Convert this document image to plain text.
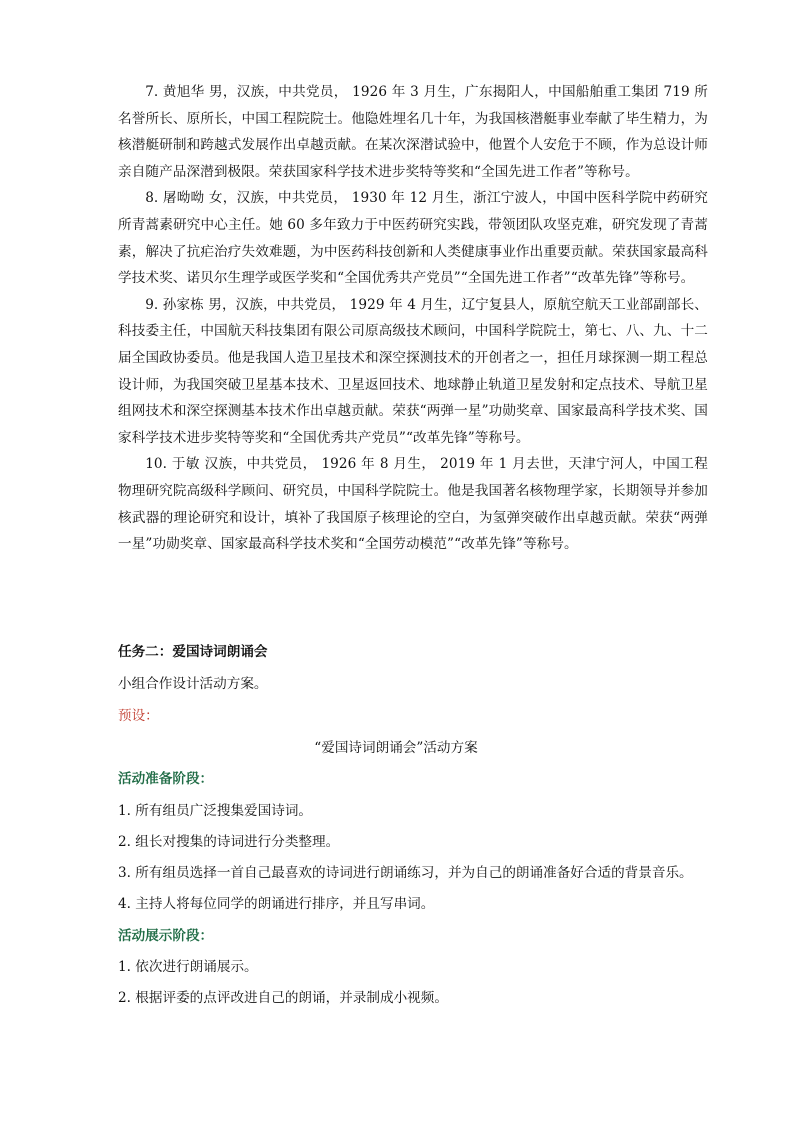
7. 黄旭华 男，汉族，中共党员， 1926 年 3 月生，广东揭阳人，中国船舶重工集团 719 所名誉所长、原所长，中国工程院院士。他隐姓埋名几十年，为我国核潜艇事业奉献了毕生精力，为核潜艇研制和跨越式发展作出卓越贡献。在某次深潜试验中，他置个人安危于不顾，作为总设计师亲自随产品深潜到极限。荣获国家科学技术进步奖特等奖和“全国先进工作者”等称号。

8. 屠呦呦 女，汉族，中共党员， 1930 年 12 月生，浙江宁波人，中国中医科学院中药研究所青蒿素研究中心主任。她 60 多年致力于中医药研究实践，带领团队攻坚克难，研究发现了青蒿素，解决了抗疟治疗失效难题，为中医药科技创新和人类健康事业作出重要贡献。荣获国家最高科学技术奖、诺贝尔生理学或医学奖和“全国优秀共产党员”“全国先进工作者”“改革先锋”等称号。

9. 孙家栋 男，汉族，中共党员， 1929 年 4 月生，辽宁复县人，原航空航天工业部副部长、科技委主任，中国航天科技集团有限公司原高级技术顾问，中国科学院院士，第七、八、九、十二届全国政协委员。他是我国人造卫星技术和深空探测技术的开创者之一，担任月球探测一期工程总设计师，为我国突破卫星基本技术、卫星返回技术、地球静止轨道卫星发射和定点技术、导航卫星组网技术和深空探测基本技术作出卓越贡献。荣获“两弹一星”功勋奖章、国家最高科学技术奖、国家科学技术进步奖特等奖和“全国优秀共产党员”“改革先锋”等称号。

10. 于敏 汉族，中共党员， 1926 年 8 月生， 2019 年 1 月去世，天津宁河人，中国工程物理研究院高级科学顾问、研究员，中国科学院院士。他是我国著名核物理学家，长期领导并参加核武器的理论研究和设计，填补了我国原子核理论的空白，为氢弹突破作出卓越贡献。荣获“两弹一星”功勋奖章、国家最高科学技术奖和“全国劳动模范”“改革先锋”等称号。

任务二：爱国诗词朗诵会

小组合作设计活动方案。

预设：

“爱国诗词朗诵会”活动方案

活动准备阶段：

1. 所有组员广泛搜集爱国诗词。

2. 组长对搜集的诗词进行分类整理。

3. 所有组员选择一首自己最喜欢的诗词进行朗诵练习，并为自己的朗诵准备好合适的背景音乐。

4. 主持人将每位同学的朗诵进行排序，并且写串词。

活动展示阶段：

1. 依次进行朗诵展示。

2. 根据评委的点评改进自己的朗诵，并录制成小视频。
